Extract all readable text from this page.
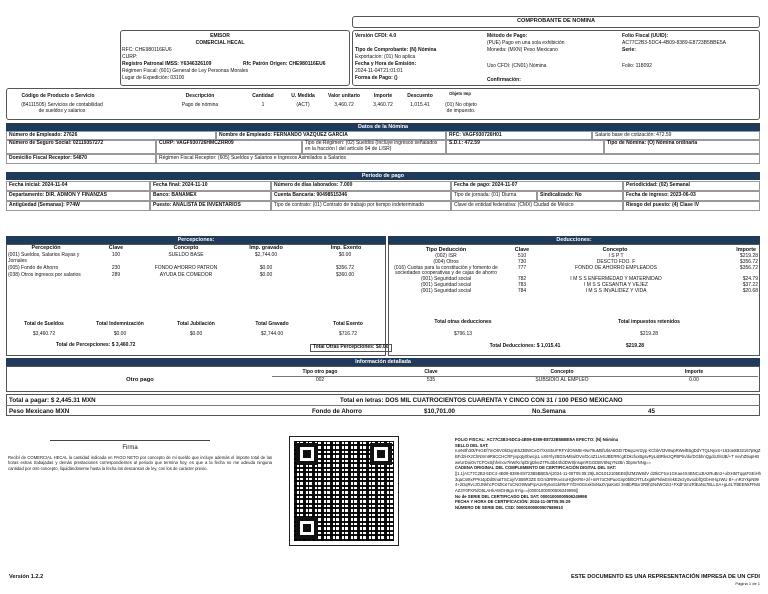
COMPROBANTE DE NOMINA
EMISOR
COMERCIAL HECAL
RFC: CHE980116EU6
CURP:
Registro Patronal IMSS: Y6346326109	Rfc Patrón Origen: CHE980116EU6
Régimen Fiscal: (601) General de Ley Personas Morales
Lugar de Expedición: 03100
Versión CFDI: 4.0
Tipo de Comprobante: (N) Nómina
Exportacion: (01) No aplica
Fecha y Hora de Emisión:
2024-11-04T21:01:01
Forma de Pago: ()
Método de Pago:
(PUE) Pago en una sola exhibición
Moneda: (MXN) Peso Mexicano
Uso CFDI: (CN01) Nómina
Confirmación:
Folio Fiscal (UUID):
AC77C2B3-5DC4-4B09-8389-E8723B5BBE5A
Serie:
Folio: 118092
Código de Producto o Servicio	Descripción	Cantidad	U. Medida	Valor unitario	Importe	Descuento	Objeto Imp
(84111505) Servicios de contabilidad de sueldos y salarios
Pago de nómina	1	(ACT)	3,460.72	3,460.72	1,015.41	(01) No objeto de impuesto.
Datos de la Nómina
Número de Empleado: 27626	Nombre de Empleado: FERNANDO VAZQUEZ GARCIA	RFC: VAGF930726H01	Salario base de cotización: 472.59
Número de Seguro Social: 02119357272	CURP: VAGF930726HMCZRR09	Tipo de Régimen: (02) Sueldos (Incluye ingresos señalados en la fracción I del artículo 94 de LISR)
S.D.I.: 472.59	Tipo de Nómina: (O) Nómina ordinaria
Domicilio Fiscal Receptor: 54870	Régimen Fiscal Receptor: (605) Sueldos y Salarios e Ingresos Asimilados a Salarios
Periodo de pago
Fecha inicial: 2024-11-04	Fecha final: 2024-11-10	Número de días laborados: 7.000	Fecha de pago: 2024-11-07	Periodicidad: (02) Semanal
Departamento: DIR. ADMON Y FINANZAS	Banco: BANAMEX	Cuenta Bancaria: 90498515346	Tipo de jornada: (01) Diurna	Sindicalizado: No	Fecha de ingreso: 2023-06-03
Antigüedad (Semanas): P74W	Puesto: ANALISTA DE INVENTARIOS	Tipo de contrato: (01) Contrato de trabajo por tiempo indeterminado	Clave de entidad federativa: (CMX) Ciudad de México	Riesgo del puesto: (4) Clase IV
Percepciones:
Percepción	Clave	Concepto	Imp. gravado	Imp. Exento
(001) Sueldos, Salarios Rayas y Jornales
100	SUELDO BASE	$2,744.00	$0.00
(005) Fondo de Ahorro	230	FONDO AHORRO PATRON	$0.00	$356.72
(038) Otros ingresos por salarios	289	AYUDA DE COMEDOR	$0.00	$360.00
Total de Sueldos	Total Indemnización	Total Jubilación	Total Gravado	Total Exento
$3,460.72	$0.00	$0.00	$2,744.00	$716.72
Total de Percepciones: $ 3,460.72	Total Otras Percepciones: $0.00
Deducciones:
Tipo Deducción	Clave	Concepto	Importe
(002) ISR	510	I S P T	$219.28
(004) Otros	730	DESCTO FDO. F	$356.72
(016) Cuotas para la constitución y fomento de sociedades cooperativas y de cajas de ahorro
777	FONDO DE AHORRO EMPLEADOS	$356.72
(001) Seguridad social	782	I M S S ENFERMEDAD Y MATERNIDAD	$24.79
(001) Seguridad social	783	I M S S CESANTIA Y VEJEZ	$37.22
(001) Seguridad social	784	I M S S INVALIDEZ Y VIDA	$20.68
Total otras deducciones	Total impuestos retenidos
$796.13	$219.28
Total Deducciones: $ 1,015.41	$219.28
Información detallada
Otro pago
Tipo otro pago	Clave	Concepto	Importe
002	535	SUBSIDIO AL EMPLEO	0.00
Total a pagar: $ 2,445.31 MXN	Total en letras: DOS MIL CUATROCIENTOS CUARENTA Y CINCO CON 31 / 100 PESO MEXICANO
Peso Mexicano MXN	Fondo de Ahorro	$10,701.00	No.Semana	45
Firma
Recibí de COMERCIAL HECAL la cantidad indicada en PAGO NETO por concepto de mi sueldo que incluye además el importe total de las horas extras trabajadas y demás prestaciones correspondientes al periodo que termina hoy, en que a la fecha no me adeuda ninguna cantidad por otro concepto, liquidándoseme hasta la fecha los descansos de ley, con los de carácter previo.
FOLIO FISCAL: AC77C2B3-5DC4-4B09-8389-E8723B5BBE5A EFECTO: (N) Nómina
SELLO DEL SAT:
runN9h30t/FsGEf7mO8VOkDqnE6J3BWCeD7/XsS5UFRFYdONMB+9w79uM5fUbtA6GEI7D6qUArtzyp KCbbVt3V8wpRWelBSgDdYTQLNyxS+163oe8B32167p9gZBFd2HXzChNSm9R6CCHCRFyxpqty0bwcjcL uX6YlyzBD3vM8a/DVn/Dc4Z1UvSJBERRcgEDkcfuxBgsvRyLsBRkszQPBPtn/du/DGbhnQgdoJ/MJB/+T nvvhZ9upHBweUrDoiOv7CFOxSjhfv/nov7kW/Kr/q/DrgtzkeZ7Ftu3b44hdDWSlnsqmRGODBV6NqYN2Bn 3bpmrNNg==
CADENA ORIGINAL DEL COMPLEMENTO DE CERTIFICACIÓN DIGITAL DEL SAT:
||1.1|AC77C2B3-5DC4-4B09-8389-E8723B5BBE5A|2024-11-08T05:05:29|LSO1012105EE6|hZM2W8dV d2tkCFtce1GKae4X4BNCu3tAzRuBn2+ulXH5tTqqsFSEiHh3qaCs9IxFPKt4pDd0tnatTSCoy/V3B6R3ZE EGm3RRKvezuHQkKR6+2/i+mR7oCNPaoGnp0bl0CRTL4xg6kFN/wEr/ekE2e2ySvoobfQGbHrHqzWU B+=nR3YkpN994+2DqRvcJOJNkhcPOIZKxI7oCNO9WaPrpA2e0y6oS1kR5rFY/DH0Gnxk0xNaZVpaKxEi 3HBbPBxr3R9h2N4WO2ct+FXdF2mzRlEaNx7BLLSA+gL6L7f8EENkFRvBAZ3Y0FKRdO5LAHkAMOH9ga 8Yig==|00001000000506249998||
No de SERIE DEL CERTIFICADO DEL SAT: 00001000000506249998
FECHA Y HORA DE CERTIFICACIÓN: 2024-11-08T05:05:29
NÚMERO DE SERIE DEL CSD: 00001000000507689910
Versión 1.2.2	ESTE DOCUMENTO ES UNA REPRESENTACIÓN IMPRESA DE UN CFDI
Página 1 de 1
